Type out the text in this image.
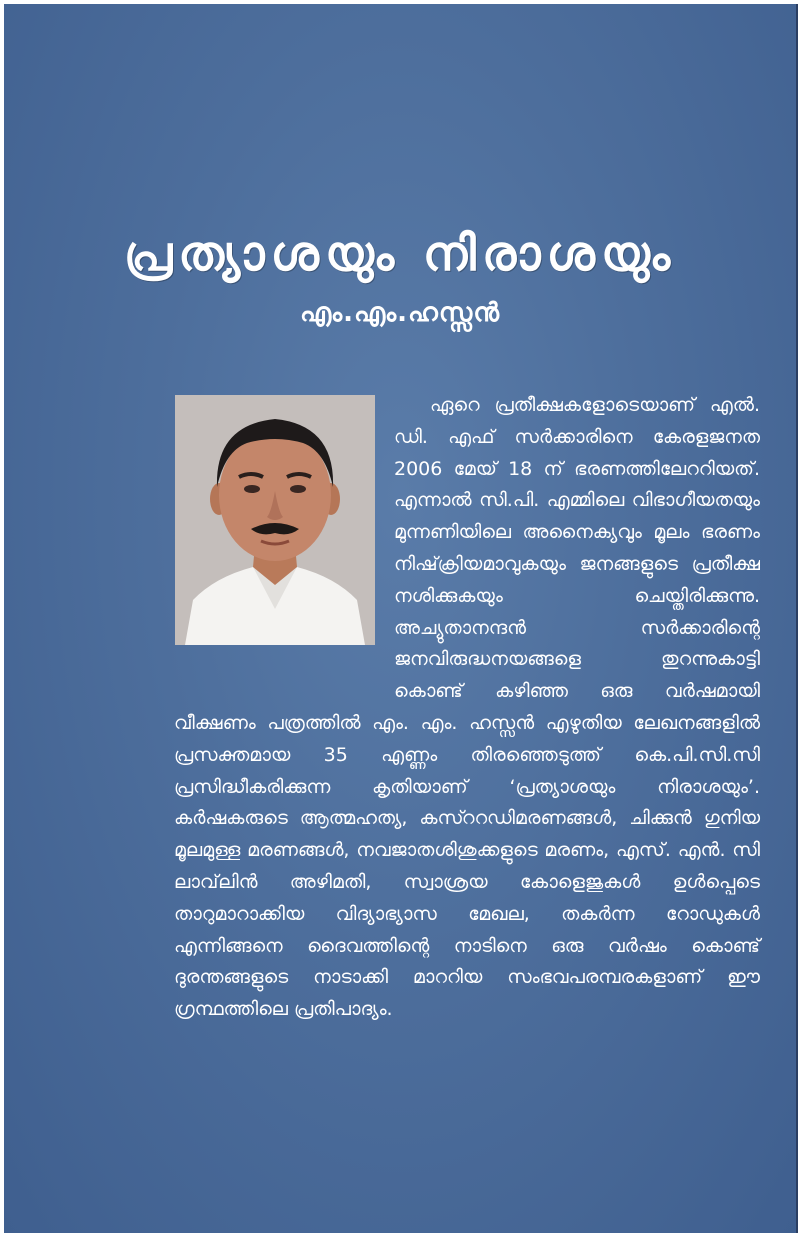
പ്രത്യാശയും നിരാശയും
എം.എം.ഹസ്സൻ

ഏറെ പ്രതീക്ഷകളോടെയാണ് എൽ. ഡി. എഫ് സർക്കാരിനെ കേരളജനത 2006 മേയ് 18 ന് ഭരണത്തിലേററിയത്. എന്നാൽ സി.പി. എമ്മിലെ വിഭാഗീയതയും മുന്നണിയിലെ അനൈക്യവും മൂലം ഭരണം നിഷ്‌ക്രിയമാവുകയും ജനങ്ങളുടെ പ്രതീക്ഷ നശിക്കുകയും ചെയ്തിരിക്കുന്നു. അച്യുതാനന്ദൻ സർക്കാരിന്റെ ജനവിരുദ്ധനയങ്ങളെ തുറന്നുകാട്ടി കൊണ്ട് കഴിഞ്ഞ ഒരു വർഷമായി വീക്ഷണം പത്രത്തിൽ എം. എം. ഹസ്സൻ എഴുതിയ ലേഖനങ്ങളിൽ പ്രസക്തമായ 35 എണ്ണം തിരഞ്ഞെടുത്ത് കെ.പി.സി.സി പ്രസിദ്ധീകരിക്കുന്ന കൃതിയാണ് ‘പ്രത്യാശയും നിരാശയും’. കർഷകരുടെ ആത്മഹത്യ, കസ്ററഡിമരണങ്ങൾ, ചിക്കുൻ ഗുനിയ മൂലമുള്ള മരണങ്ങൾ, നവജാതശിശുക്കളുടെ മരണം, എസ്. എൻ. സി ലാവ്‌ലിൻ അഴിമതി, സ്വാശ്രയ കോളെജുകൾ ഉൾപ്പെടെ താറുമാറാക്കിയ വിദ്യാഭ്യാസ മേഖല, തകർന്ന റോഡുകൾ എന്നിങ്ങനെ ദൈവത്തിന്റെ നാടിനെ ഒരു വർഷം കൊണ്ട് ദുരന്തങ്ങളുടെ നാടാക്കി മാററിയ സംഭവപരമ്പരകളാണ് ഈ ഗ്രന്ഥത്തിലെ പ്രതിപാദ്യം.
